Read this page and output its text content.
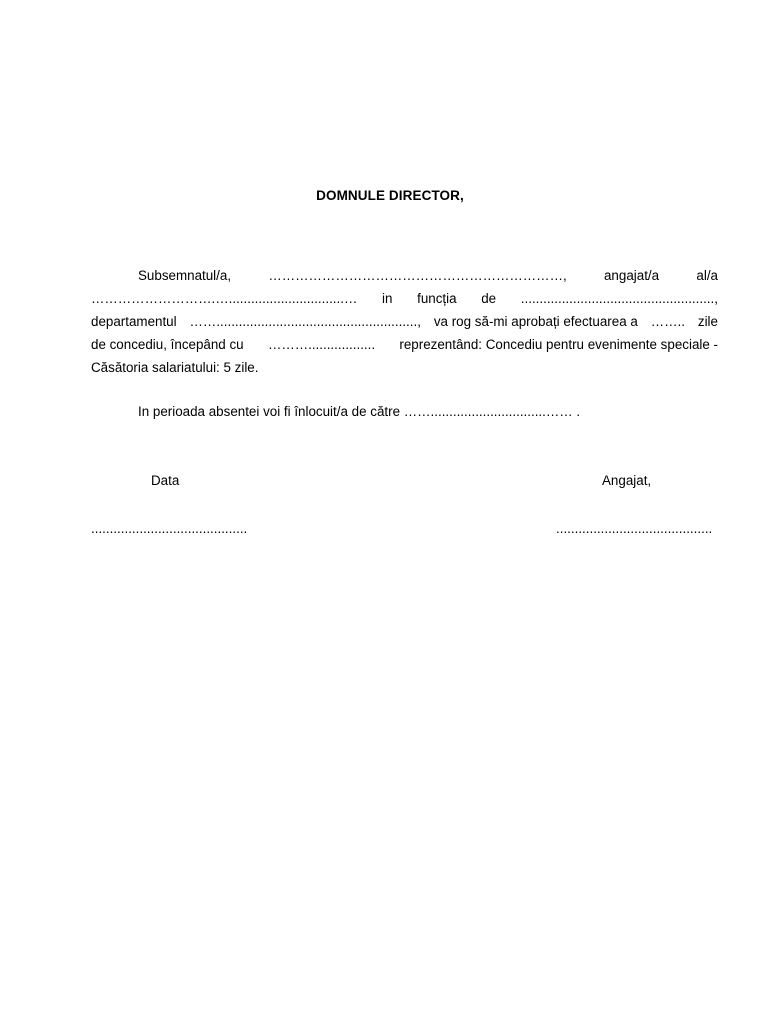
DOMNULE DIRECTOR,
Subsemnatul/a,	…………………………………………………………,	angajat/a	al/a
……………………….…...............................… in funcția de ....................................................,
departamentul ……......................................................, va rog să-mi aprobați efectuarea a …….. zile
de concediu, începând cu ……….................. reprezentând: Concediu pentru evenimente speciale -
Căsătoria salariatului: 5 zile.
In perioada absentei voi fi înlocuit/a de către ……...............................…… .
Data	Angajat,
..........................................	..........................................
